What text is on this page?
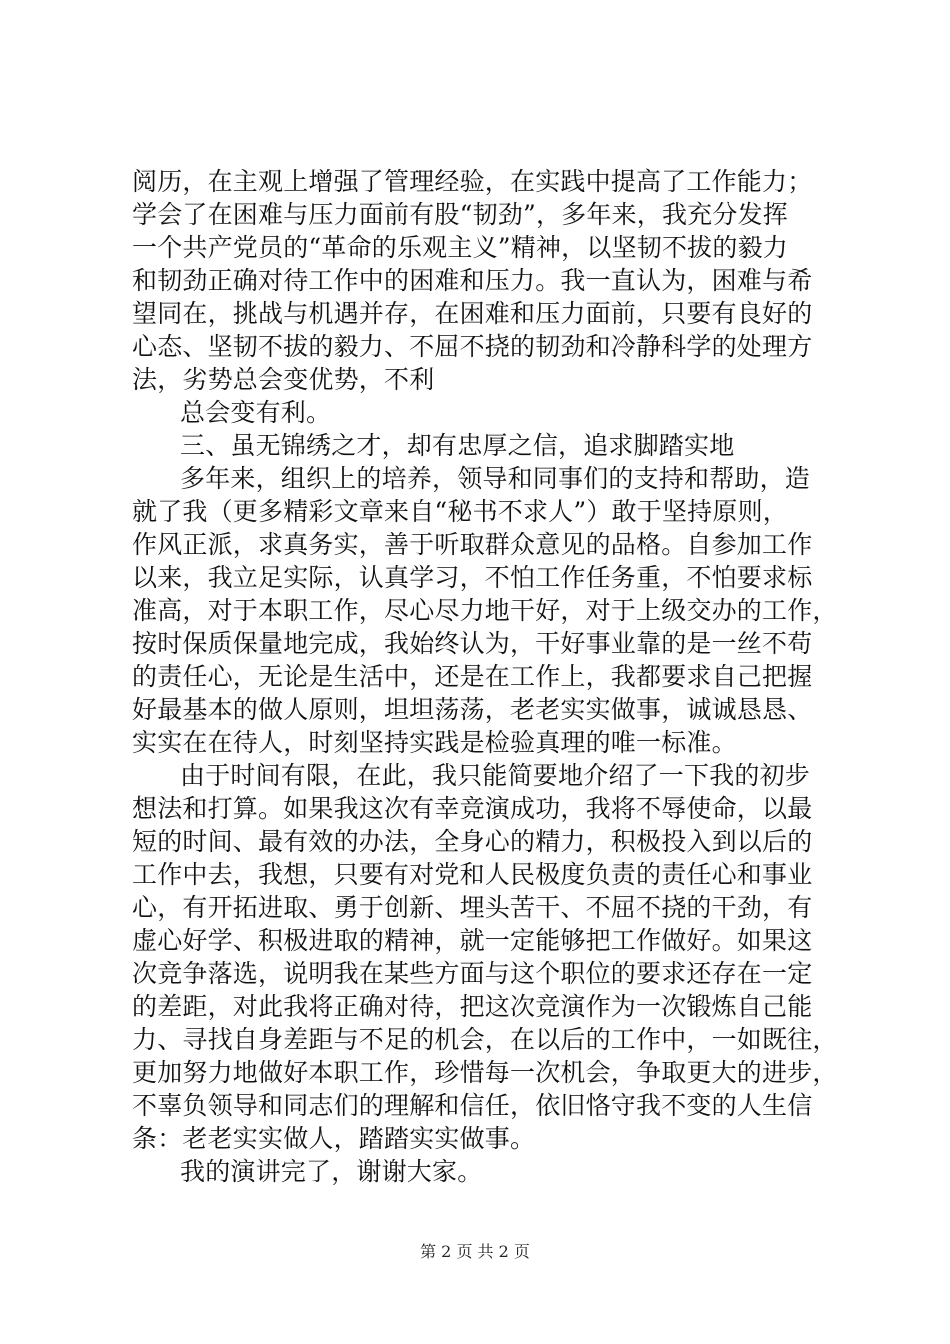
阅历，在主观上增强了管理经验，在实践中提高了工作能力；
学会了在困难与压力面前有股“韧劲”，多年来，我充分发挥
一个共产党员的“革命的乐观主义”精神，以坚韧不拔的毅力
和韧劲正确对待工作中的困难和压力。我一直认为，困难与希
望同在，挑战与机遇并存，在困难和压力面前，只要有良好的
心态、坚韧不拔的毅力、不屈不挠的韧劲和冷静科学的处理方
法，劣势总会变优势，不利
总会变有利。
三、虽无锦绣之才，却有忠厚之信，追求脚踏实地
多年来，组织上的培养，领导和同事们的支持和帮助，造
就了我（更多精彩文章来自“秘书不求人”）敢于坚持原则，
作风正派，求真务实，善于听取群众意见的品格。自参加工作
以来，我立足实际，认真学习，不怕工作任务重，不怕要求标
准高，对于本职工作，尽心尽力地干好，对于上级交办的工作，
按时保质保量地完成，我始终认为，干好事业靠的是一丝不苟
的责任心，无论是生活中，还是在工作上，我都要求自己把握
好最基本的做人原则，坦坦荡荡，老老实实做事，诚诚恳恳、
实实在在待人，时刻坚持实践是检验真理的唯一标准。
由于时间有限，在此，我只能简要地介绍了一下我的初步
想法和打算。如果我这次有幸竞演成功，我将不辱使命，以最
短的时间、最有效的办法，全身心的精力，积极投入到以后的
工作中去，我想，只要有对党和人民极度负责的责任心和事业
心，有开拓进取、勇于创新、埋头苦干、不屈不挠的干劲，有
虚心好学、积极进取的精神，就一定能够把工作做好。如果这
次竞争落选，说明我在某些方面与这个职位的要求还存在一定
的差距，对此我将正确对待，把这次竞演作为一次锻炼自己能
力、寻找自身差距与不足的机会，在以后的工作中，一如既往，
更加努力地做好本职工作，珍惜每一次机会，争取更大的进步，
不辜负领导和同志们的理解和信任，依旧恪守我不变的人生信
条：老老实实做人，踏踏实实做事。
我的演讲完了，谢谢大家。
第 2 页 共 2 页
